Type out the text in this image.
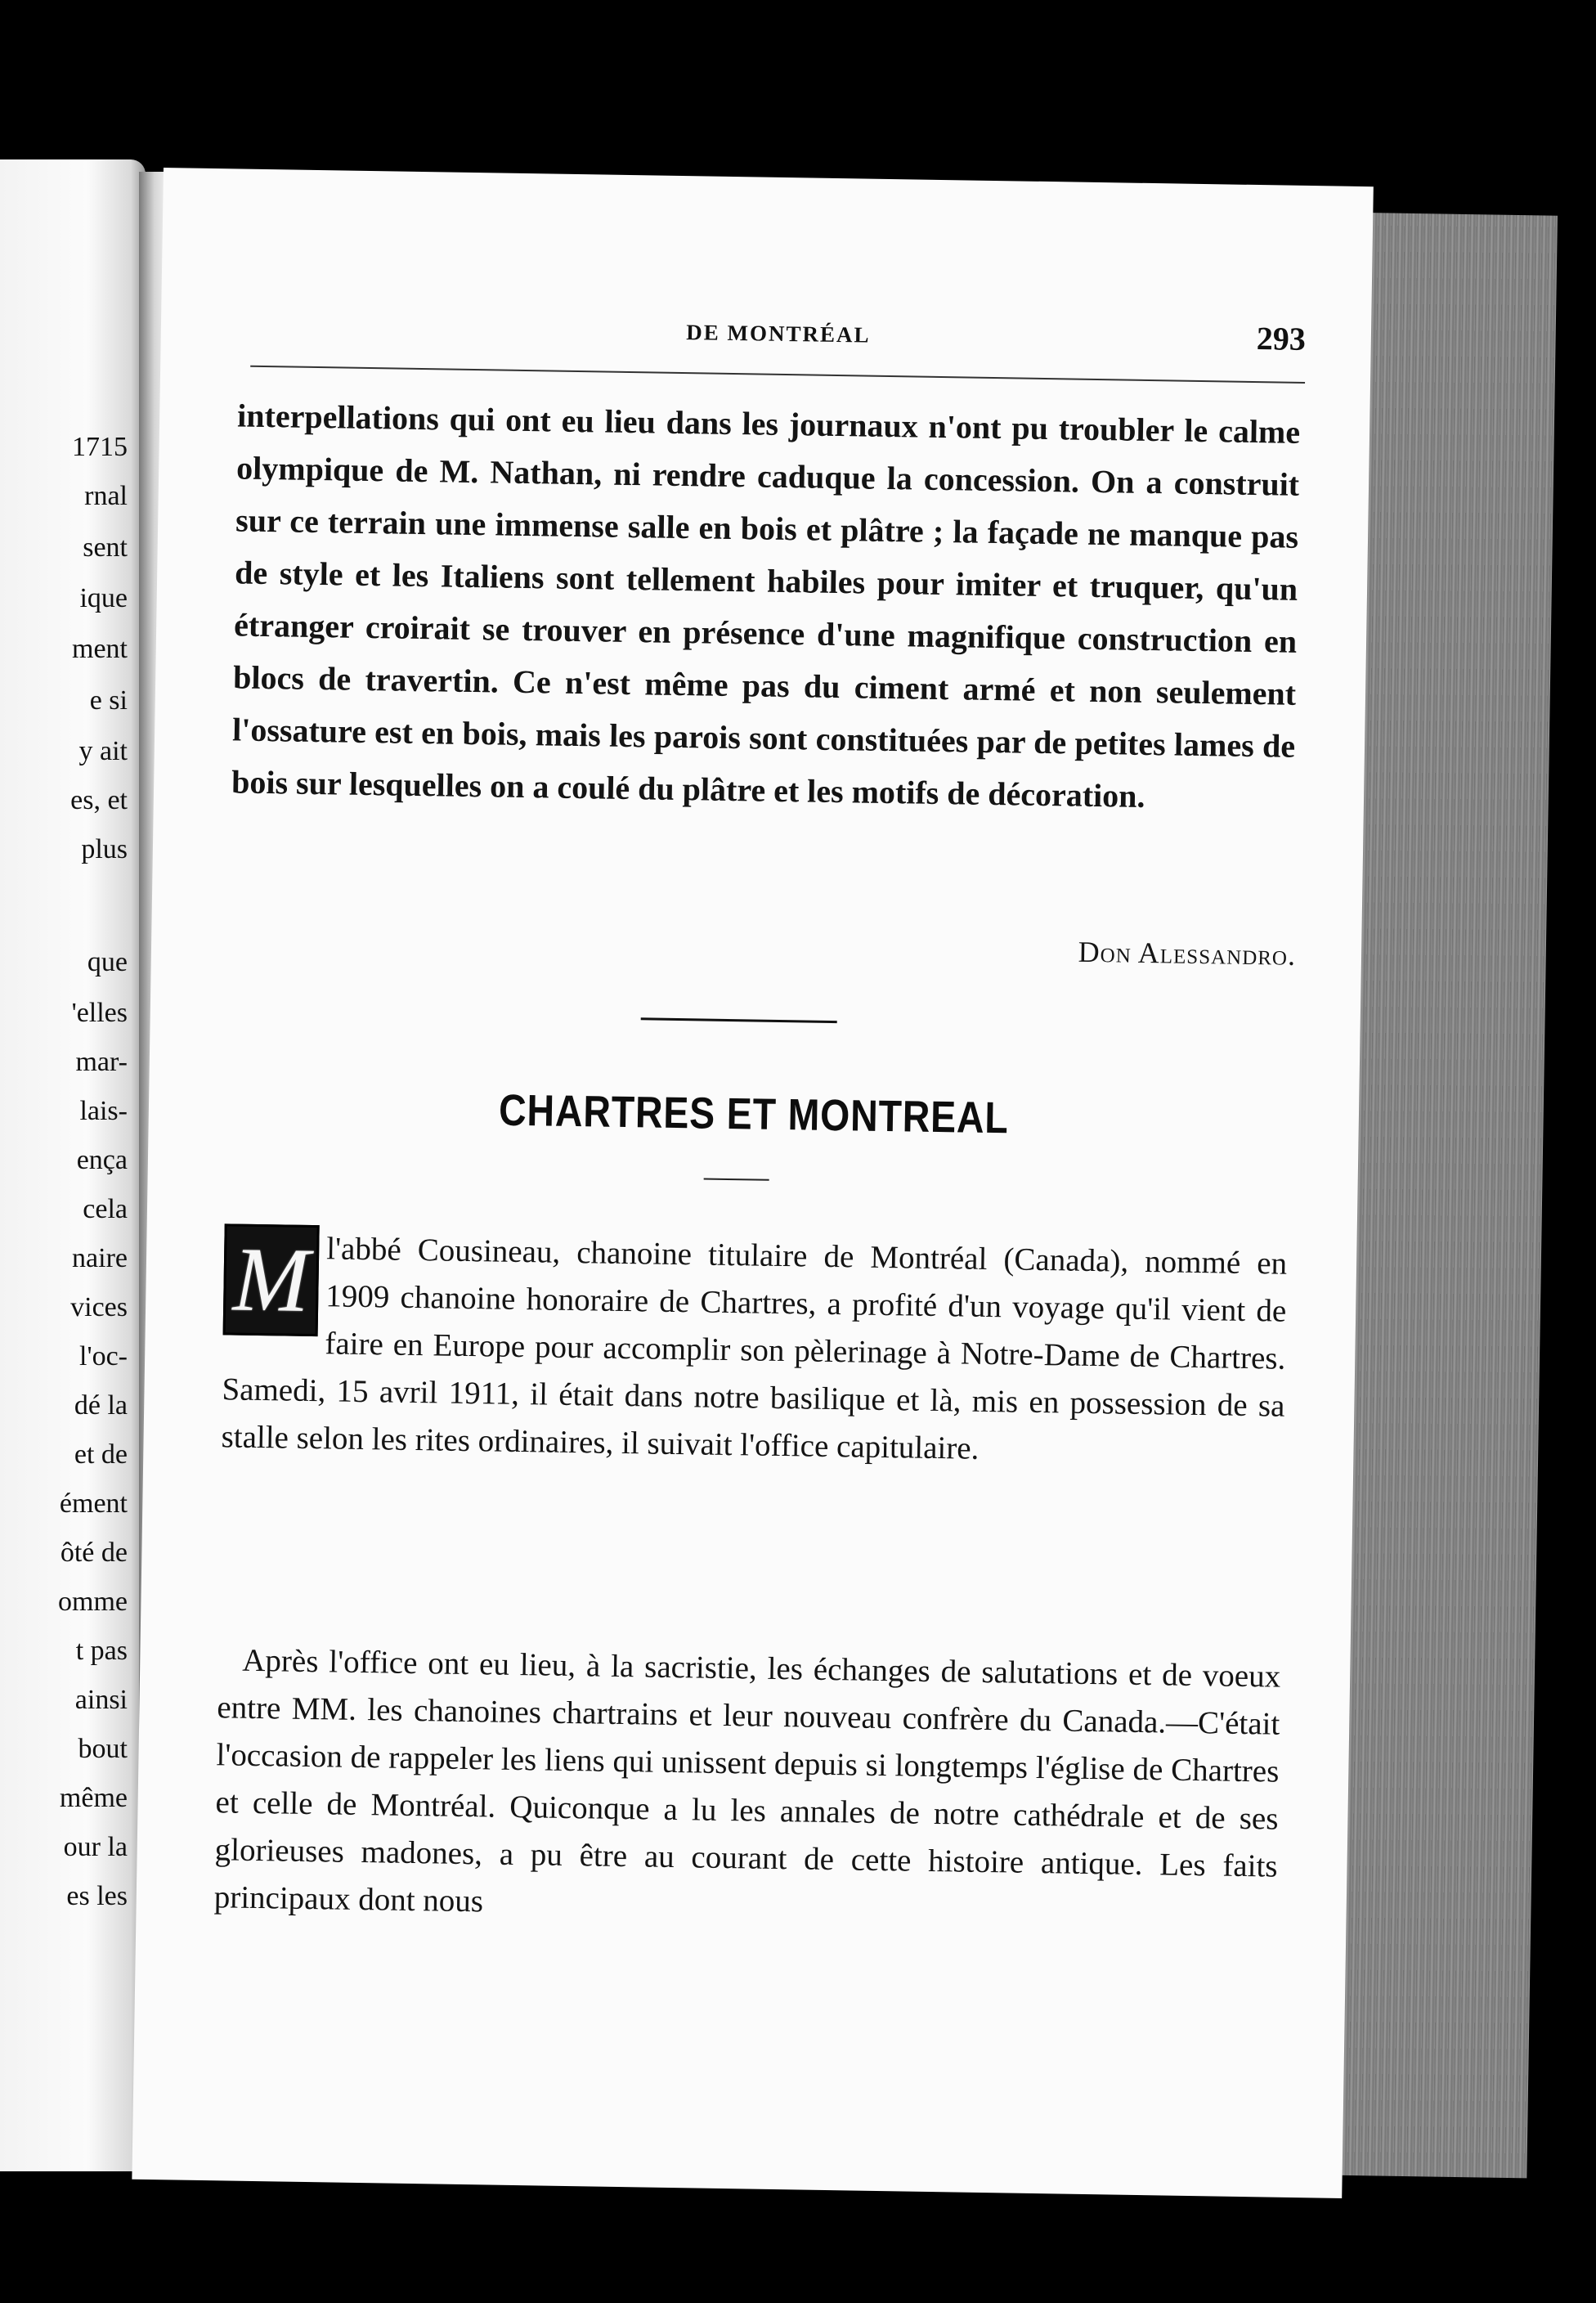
1715
rnal
sent
ique
ment
e si
y ait
es, et
plus
que
'elles
mar-
lais-
ença
cela
naire
vices
l'oc-
dé la
et de
ément
ôté de
omme
t pas
ainsi
bout
même
our la
es les
DE MONTRÉAL	293

interpellations qui ont eu lieu dans les journaux n'ont pu troubler le calme olympique de M. Nathan, ni rendre caduque la concession. On a construit sur ce terrain une immense salle en bois et plâtre ; la façade ne manque pas de style et les Italiens sont tellement habiles pour imiter et truquer, qu'un étranger croirait se trouver en présence d'une magnifique construction en blocs de travertin. Ce n'est même pas du ciment armé et non seulement l'ossature est en bois, mais les parois sont constituées par de petites lames de bois sur lesquelles on a coulé du plâtre et les motifs de décoration.

Don Alessandro.
CHARTRES ET MONTREAL
M l'abbé Cousineau, chanoine titulaire de Montréal (Canada), nommé en 1909 chanoine honoraire de Chartres, a profité d'un voyage qu'il vient de faire en Europe pour accomplir son pèlerinage à Notre-Dame de Chartres. Samedi, 15 avril 1911, il était dans notre basilique et là, mis en possession de sa stalle selon les rites ordinaires, il suivait l'office capitulaire.

Après l'office ont eu lieu, à la sacristie, les échanges de salutations et de voeux entre MM. les chanoines chartrains et leur nouveau confrère du Canada.—C'était l'occasion de rappeler les liens qui unissent depuis si longtemps l'église de Chartres et celle de Montréal. Quiconque a lu les annales de notre cathédrale et de ses glorieuses madones, a pu être au courant de cette histoire antique. Les faits principaux dont nous
